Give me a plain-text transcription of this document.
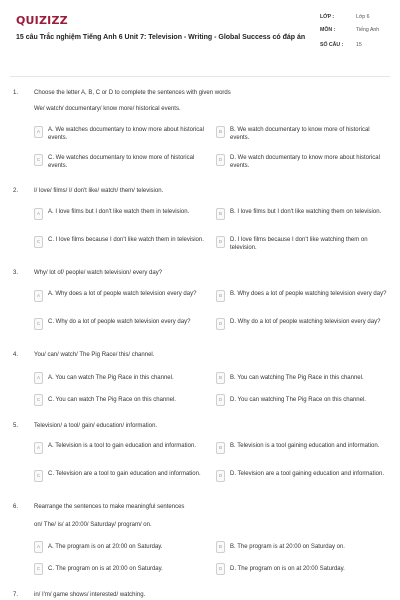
QUIZIZZ
15 câu Trắc nghiệm Tiếng Anh 6 Unit 7: Television - Writing - Global Success có đáp án
LỚP :	Lớp 6
MÔN :	Tiếng Anh
SỐ CÂU :	15
1.	Choose the letter A, B, C or D to complete the sentences with given words
We/ watch/ documentary/ know more/ historical events.
A	A. We watches documentary to know more about historical events.
B	B. We watch documentary to know more of historical events.
C	C. We watches documentary to know more of historical events.
D	D. We watch documentary to know more about historical events.
2.	I/ love/ films/ I/ don't like/ watch/ them/ television.
A	A. I love films but I don't like watch them in television.	B	B. I love films but I don't like watching them on television.
C	C. I love films because I don't like watch them in television.	D	D. I love films because I don't like watching them on television.
3.	Why/ lot of/ people/ watch television/ every day?
A	A. Why does a lot of people watch television every day?	B	B. Why does a lot of people watching television every day?
C	C. Why do a lot of people watch television every day?	D	D. Why do a lot of people watching television every day?
4.	You/ can/ watch/ The Pig Race/ this/ channel.
A	A. You can watch The Pig Race in this channel.	B	B. You can watching The Pig Race in this channel.
C	C. You can watch The Pig Race on this channel.	D	D. You can watching The Pig Race on this channel.
5.	Television/ a tool/ gain/ education/ information.
A	A. Television is a tool to gain education and information.	B	B. Television is a tool gaining education and information.
C	C. Television are a tool to gain education and information.	D	D. Television are a tool gaining education and information.
6.	Rearrange the sentences to make meaningful sentences
on/ The/ is/ at 20:00/ Saturday/ program/ on.
A	A. The program is on at 20:00 on Saturday.	B	B. The program is at 20:00 on Saturday on.
C	C. The program on is at 20:00 on Saturday.	D	D. The program on is on at 20:00 Saturday.
7.	in/ I'm/ game shows/ interested/ watching.
